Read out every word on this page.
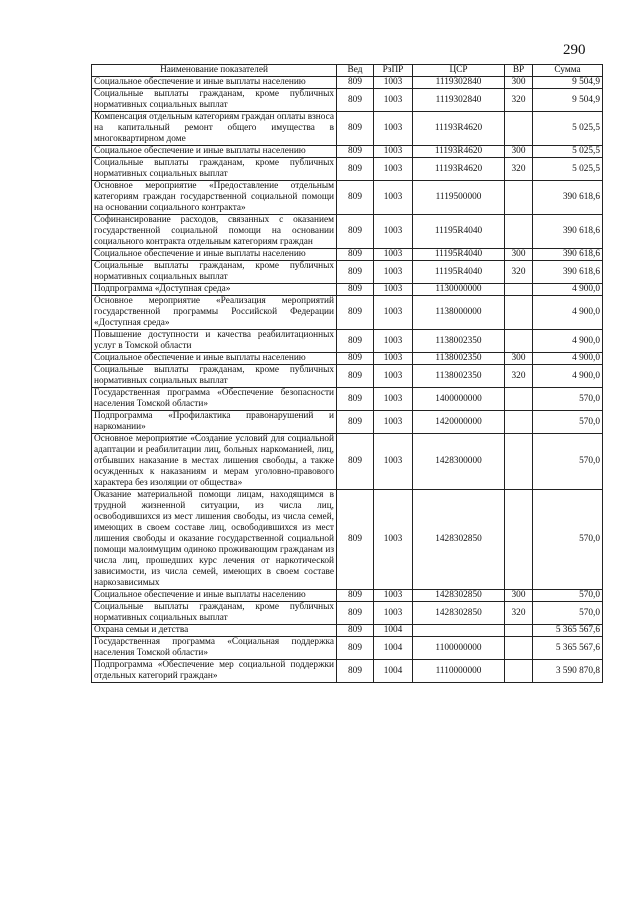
290
Наименование показателей	Вед	РзПР	ЦСР	ВР	Сумма
Социальное обеспечение и иные выплаты населению	809	1003	1119302840	300	9 504,9
Социальные выплаты гражданам, кроме публичных нормативных социальных выплат	809	1003	1119302840	320	9 504,9
Компенсация отдельным категориям граждан оплаты взноса на капитальный ремонт общего имущества в многоквартирном доме	809	1003	11193R4620		5 025,5
Социальное обеспечение и иные выплаты населению	809	1003	11193R4620	300	5 025,5
Социальные выплаты гражданам, кроме публичных нормативных социальных выплат	809	1003	11193R4620	320	5 025,5
Основное мероприятие «Предоставление отдельным категориям граждан государственной социальной помощи на основании социального контракта»	809	1003	1119500000		390 618,6
Софинансирование расходов, связанных с оказанием государственной социальной помощи на основании социального контракта отдельным категориям граждан	809	1003	11195R4040		390 618,6
Социальное обеспечение и иные выплаты населению	809	1003	11195R4040	300	390 618,6
Социальные выплаты гражданам, кроме публичных нормативных социальных выплат	809	1003	11195R4040	320	390 618,6
Подпрограмма «Доступная среда»	809	1003	1130000000		4 900,0
Основное мероприятие «Реализация мероприятий государственной программы Российской Федерации «Доступная среда»	809	1003	1138000000		4 900,0
Повышение доступности и качества реабилитационных услуг в Томской области	809	1003	1138002350		4 900,0
Социальное обеспечение и иные выплаты населению	809	1003	1138002350	300	4 900,0
Социальные выплаты гражданам, кроме публичных нормативных социальных выплат	809	1003	1138002350	320	4 900,0
Государственная программа «Обеспечение безопасности населения Томской области»	809	1003	1400000000		570,0
Подпрограмма «Профилактика правонарушений и наркомании»	809	1003	1420000000		570,0
Основное мероприятие «Создание условий для социальной адаптации и реабилитации лиц, больных наркоманией, лиц, отбывших наказание в местах лишения свободы, а также осужденных к наказаниям и мерам уголовно-правового характера без изоляции от общества»	809	1003	1428300000		570,0
Оказание материальной помощи лицам, находящимся в трудной жизненной ситуации, из числа лиц, освободившихся из мест лишения свободы, из числа семей, имеющих в своем составе лиц, освободившихся из мест лишения свободы и оказание государственной социальной помощи малоимущим одиноко проживающим гражданам из числа лиц, прошедших курс лечения от наркотической зависимости, из числа семей, имеющих в своем составе наркозависимых	809	1003	1428302850		570,0
Социальное обеспечение и иные выплаты населению	809	1003	1428302850	300	570,0
Социальные выплаты гражданам, кроме публичных нормативных социальных выплат	809	1003	1428302850	320	570,0
Охрана семьи и детства	809	1004			5 365 567,6
Государственная программа «Социальная поддержка населения Томской области»	809	1004	1100000000		5 365 567,6
Подпрограмма «Обеспечение мер социальной поддержки отдельных категорий граждан»	809	1004	1110000000		3 590 870,8
